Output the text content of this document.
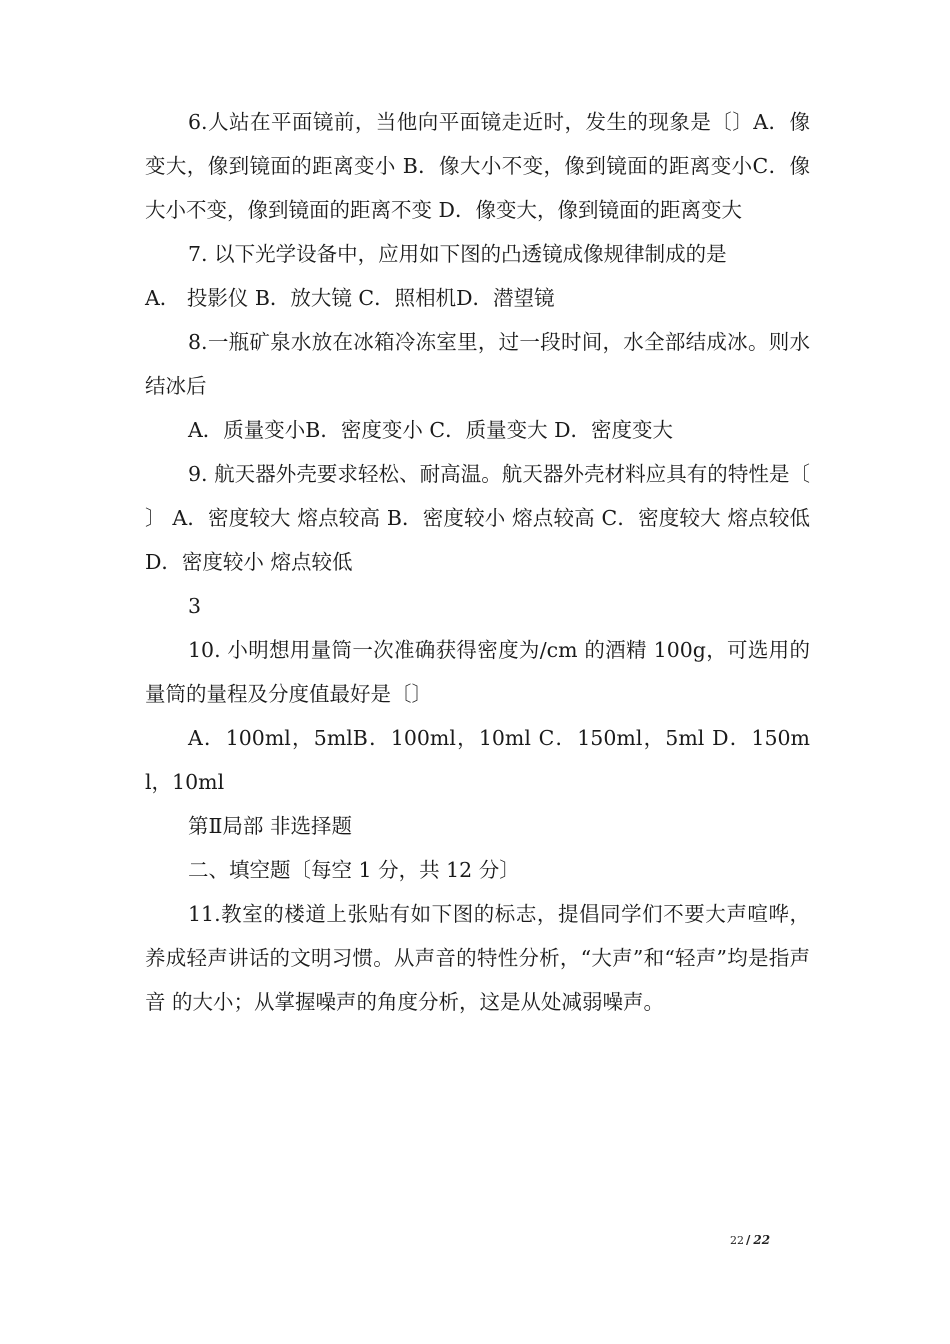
6.人站在平面镜前，当他向平面镜走近时，发生的现象是〔〕A．像变大，像到镜面的距离变小 B．像大小不变，像到镜面的距离变小C．像大小不变，像到镜面的距离不变 D．像变大，像到镜面的距离变大

7. 以下光学设备中，应用如下图的凸透镜成像规律制成的是

A． 投影仪 B．放大镜 C．照相机D．潜望镜

8.一瓶矿泉水放在冰箱冷冻室里，过一段时间，水全部结成冰。则水结冰后

A．质量变小B．密度变小 C．质量变大 D．密度变大

9. 航天器外壳要求轻松、耐高温。航天器外壳材料应具有的特性是〔 〕 A．密度较大 熔点较高 B．密度较小 熔点较高 C．密度较大 熔点较低 D．密度较小 熔点较低

3

10. 小明想用量筒一次准确获得密度为/cm 的酒精 100g，可选用的量筒的量程及分度值最好是〔〕

A．100ml，5mlB．100ml，10ml C．150ml，5ml D．150ml，10ml

第Ⅱ局部 非选择题

二、填空题〔每空 1 分，共 12 分〕

11.教室的楼道上张贴有如下图的标志，提倡同学们不要大声喧哗，养成轻声讲话的文明习惯。从声音的特性分析，“大声”和“轻声”均是指声音 的大小；从掌握噪声的角度分析，这是从处减弱噪声。

22 / 22
